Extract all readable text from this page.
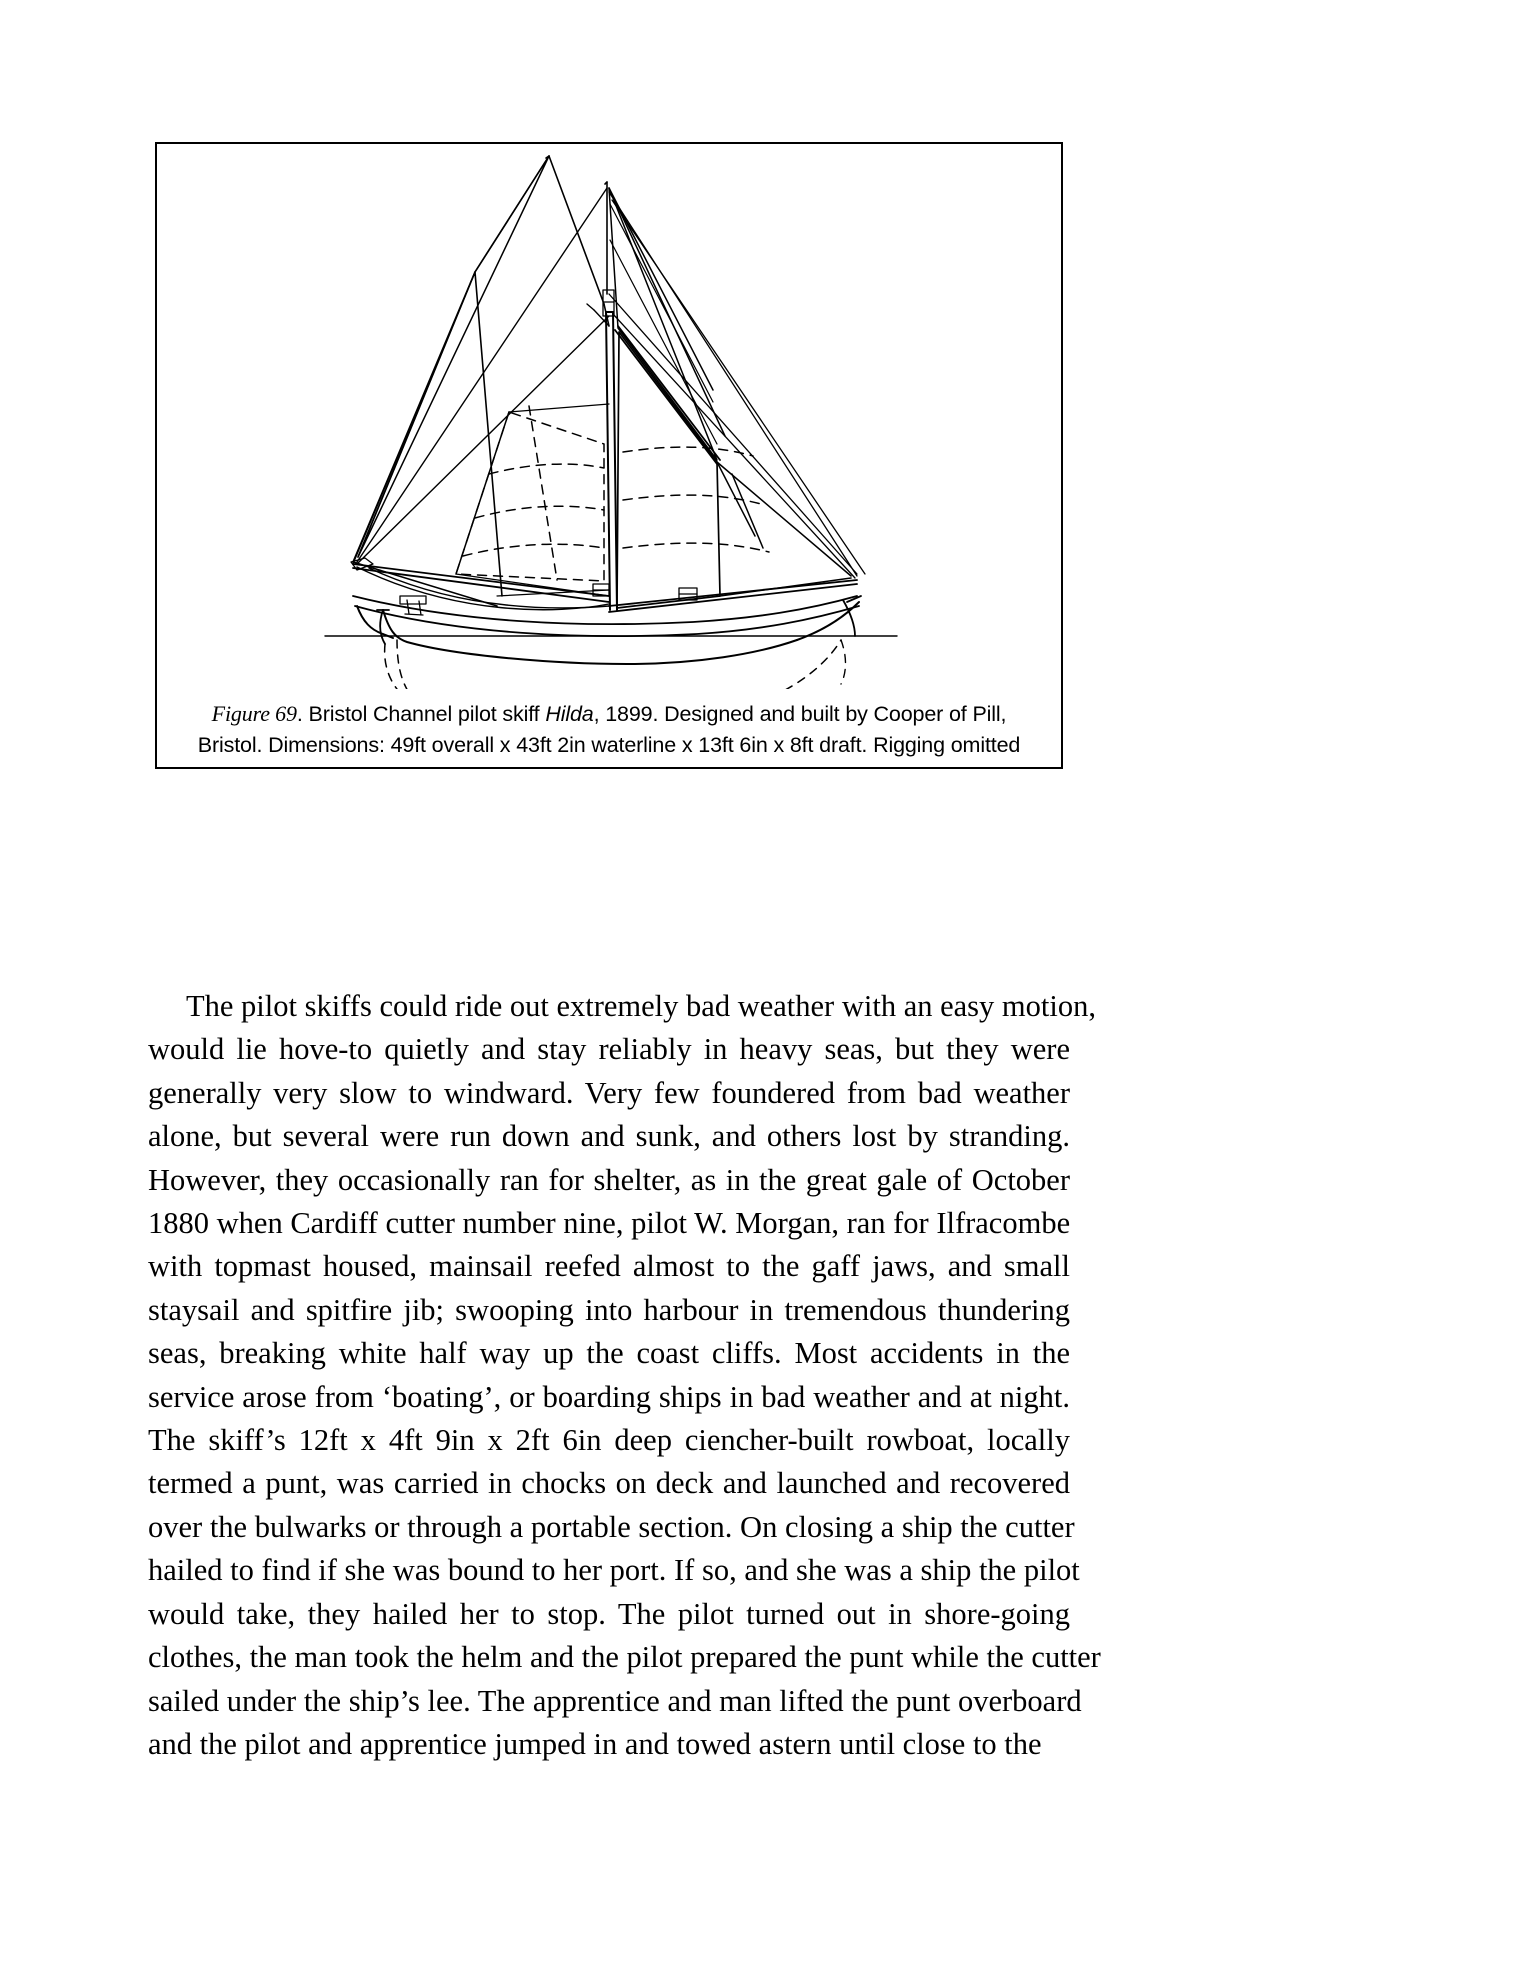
Figure 69. Bristol Channel pilot skiff Hilda, 1899. Designed and built by Cooper of Pill,
Bristol. Dimensions: 49ft overall x 43ft 2in waterline x 13ft 6in x 8ft draft. Rigging omitted

The pilot skiffs could ride out extremely bad weather with an easy motion,
would lie hove-to quietly and stay reliably in heavy seas, but they were
generally very slow to windward. Very few foundered from bad weather
alone, but several were run down and sunk, and others lost by stranding.
However, they occasionally ran for shelter, as in the great gale of October
1880 when Cardiff cutter number nine, pilot W. Morgan, ran for Ilfracombe
with topmast housed, mainsail reefed almost to the gaff jaws, and small
staysail and spitfire jib; swooping into harbour in tremendous thundering
seas, breaking white half way up the coast cliffs. Most accidents in the
service arose from ‘boating’, or boarding ships in bad weather and at night.
The skiff’s 12ft x 4ft 9in x 2ft 6in deep ciencher-built rowboat, locally
termed a punt, was carried in chocks on deck and launched and recovered
over the bulwarks or through a portable section. On closing a ship the cutter
hailed to find if she was bound to her port. If so, and she was a ship the pilot
would take, they hailed her to stop. The pilot turned out in shore-going
clothes, the man took the helm and the pilot prepared the punt while the cutter
sailed under the ship’s lee. The apprentice and man lifted the punt overboard
and the pilot and apprentice jumped in and towed astern until close to the
